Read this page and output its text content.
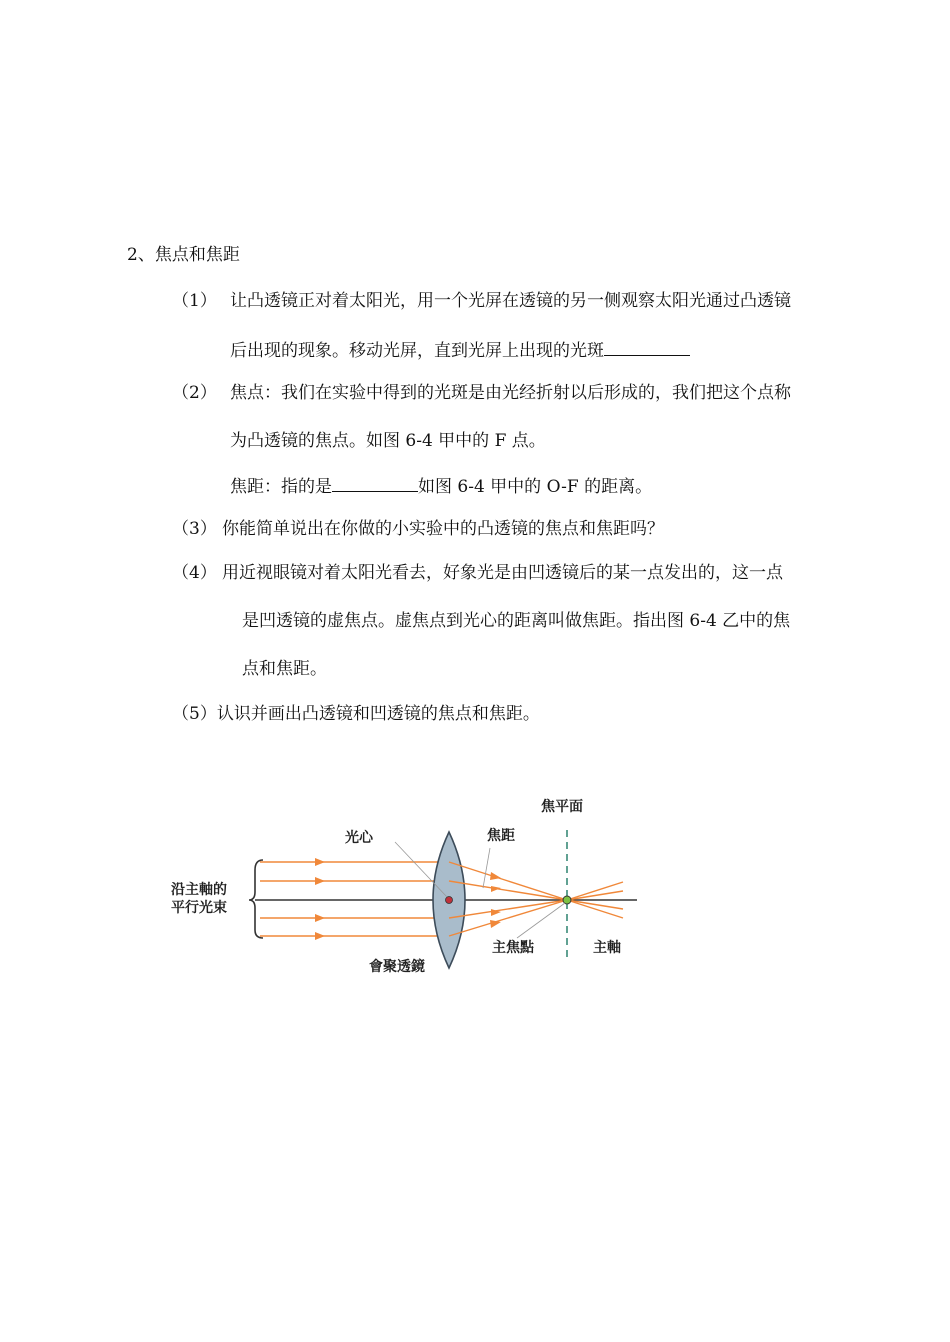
2、焦点和焦距
（1） 让凸透镜正对着太阳光，用一个光屏在透镜的另一侧观察太阳光通过凸透镜
后出现的现象。移动光屏，直到光屏上出现的光斑
（2） 焦点：我们在实验中得到的光斑是由光经折射以后形成的，我们把这个点称
为凸透镜的焦点。如图 6-4 甲中的 F 点。
焦距：指的是	如图 6-4 甲中的 O-F 的距离。
（3） 你能简单说出在你做的小实验中的凸透镜的焦点和焦距吗？
（4） 用近视眼镜对着太阳光看去，好象光是由凹透镜后的某一点发出的，这一点
是凹透镜的虚焦点。虚焦点到光心的距离叫做焦距。指出图 6-4 乙中的焦
点和焦距。
（5）认识并画出凸透镜和凹透镜的焦点和焦距。
焦平面
光心	焦距
沿主軸的
平行光束
主焦點	主軸
會聚透鏡
